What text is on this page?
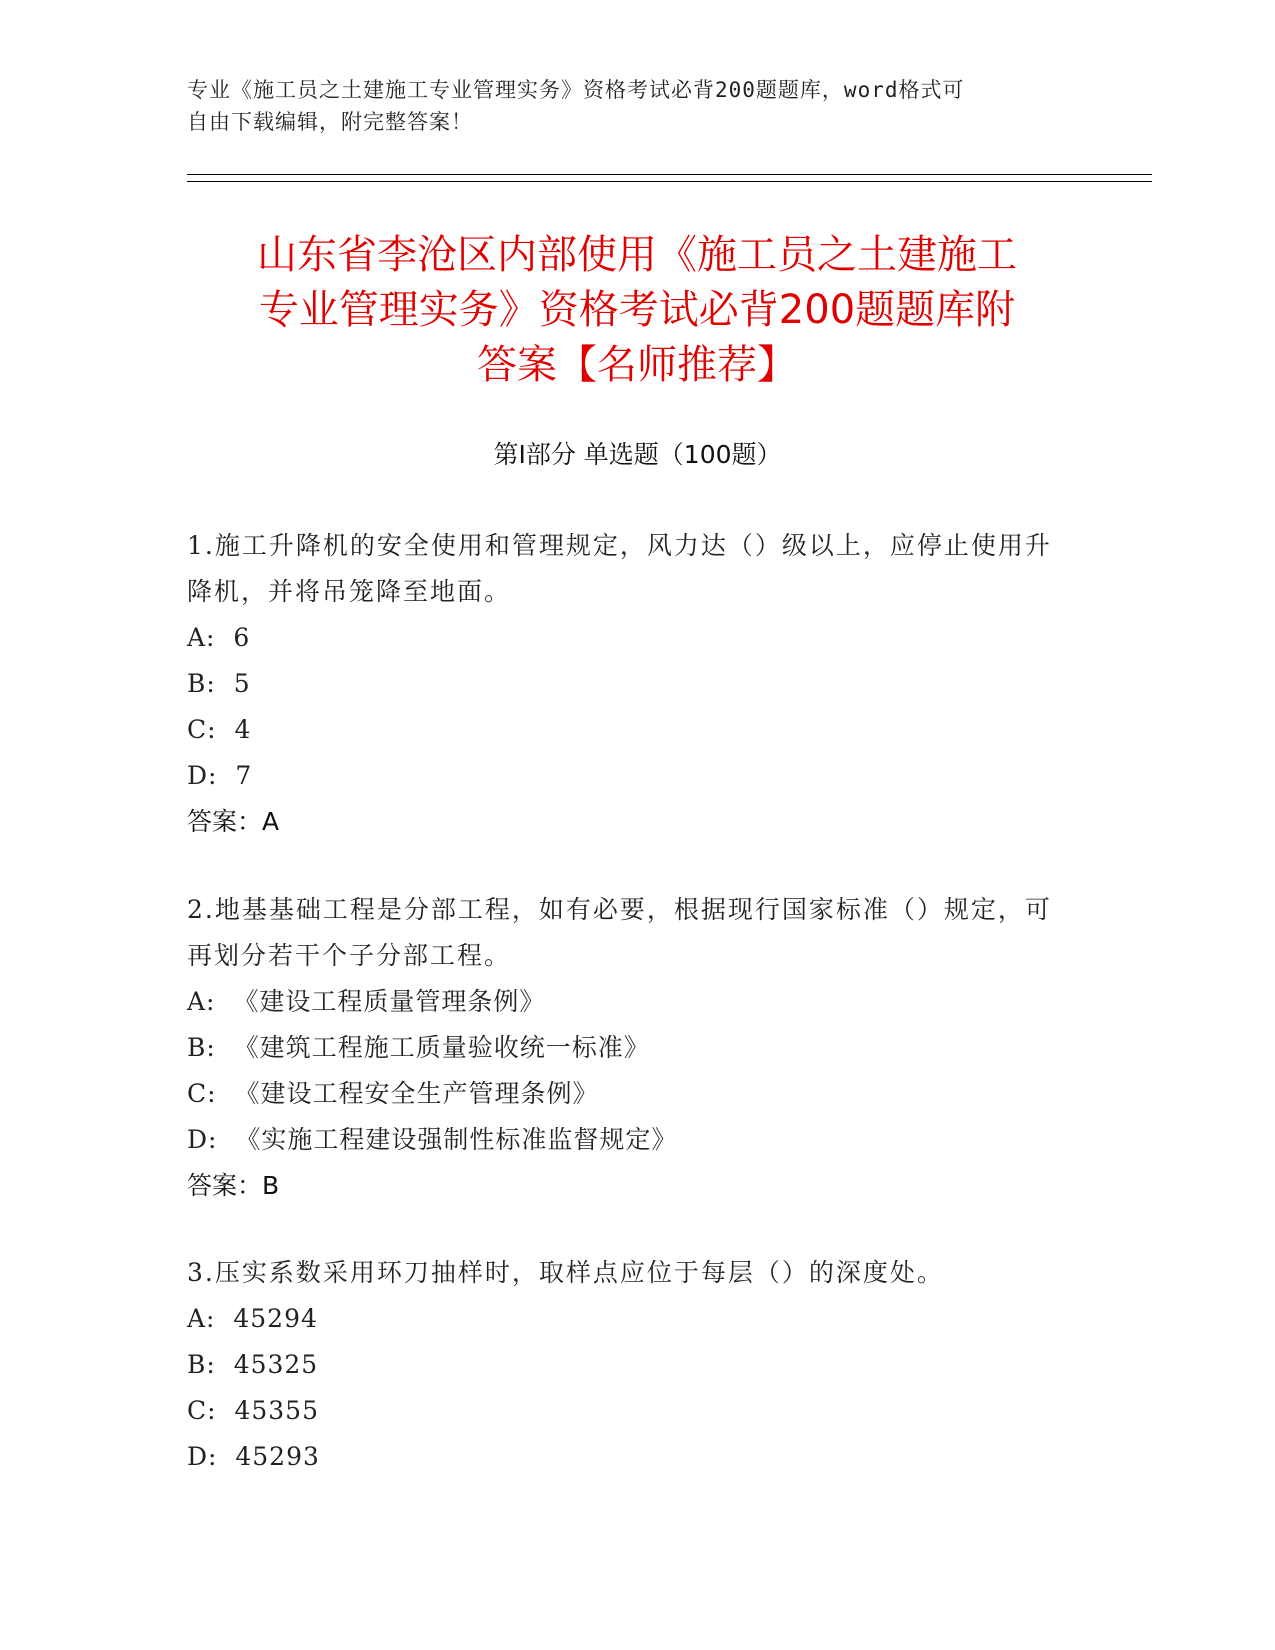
专业《施工员之土建施工专业管理实务》资格考试必背200题题库，word格式可
自由下载编辑，附完整答案！
山东省李沧区内部使用《施工员之土建施工
专业管理实务》资格考试必背200题题库附
答案【名师推荐】
第Ⅰ部分 单选题（100题）

1.施工升降机的安全使用和管理规定，风力达（）级以上，应停止使用升降机，并将吊笼降至地面。

A:  6

B:  5

C:  4

D:  7

答案：A

2.地基基础工程是分部工程，如有必要，根据现行国家标准（）规定，可再划分若干个子分部工程。

A:  《建设工程质量管理条例》

B:  《建筑工程施工质量验收统一标准》

C:  《建设工程安全生产管理条例》

D:  《实施工程建设强制性标准监督规定》

答案：B

3.压实系数采用环刀抽样时，取样点应位于每层（）的深度处。

A:  45294

B:  45325

C:  45355

D:  45293
